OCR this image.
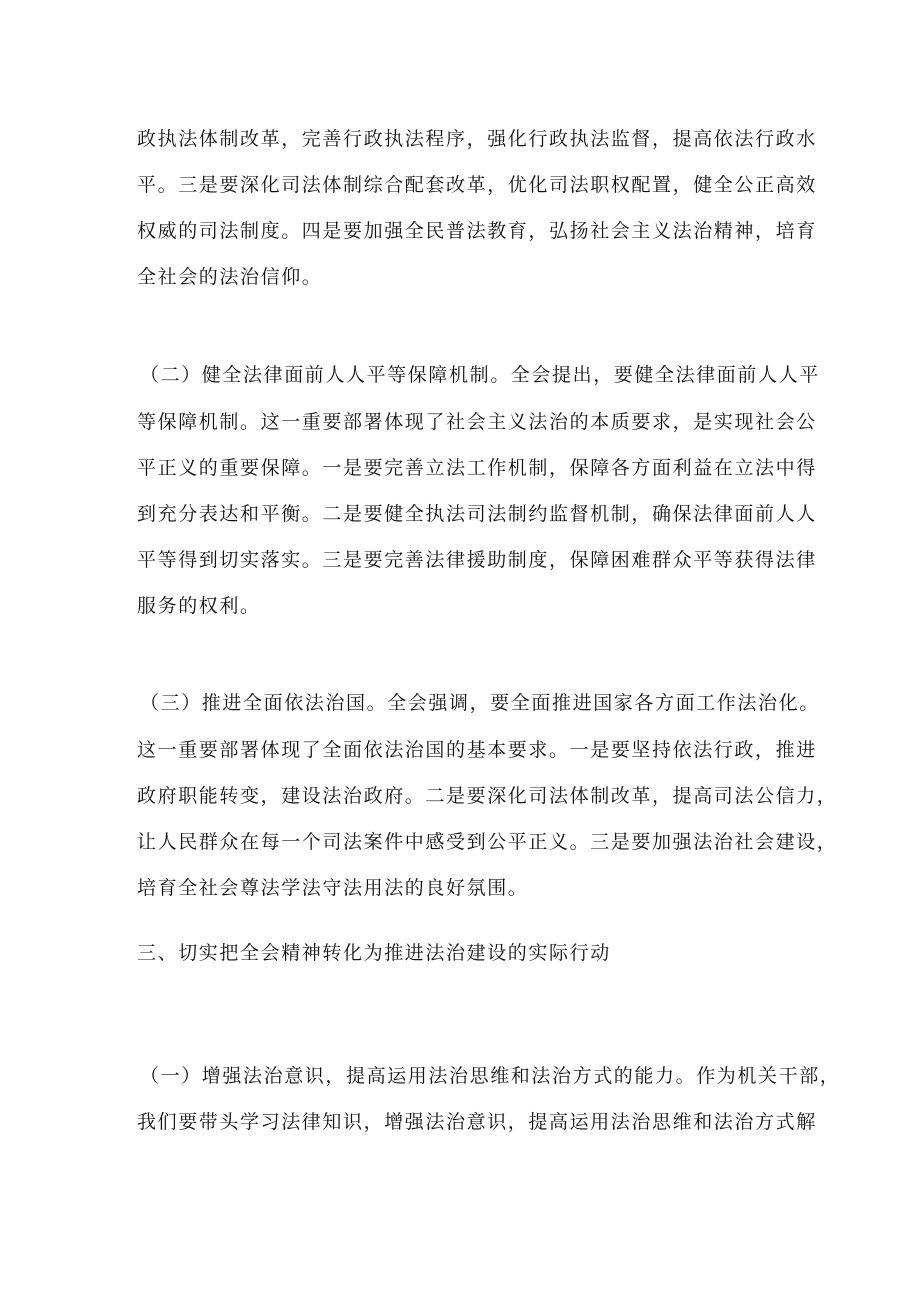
政执法体制改革，完善行政执法程序，强化行政执法监督，提高依法行政水
平。三是要深化司法体制综合配套改革，优化司法职权配置，健全公正高效
权威的司法制度。四是要加强全民普法教育，弘扬社会主义法治精神，培育
全社会的法治信仰。
（二）健全法律面前人人平等保障机制。全会提出，要健全法律面前人人平
等保障机制。这一重要部署体现了社会主义法治的本质要求，是实现社会公
平正义的重要保障。一是要完善立法工作机制，保障各方面利益在立法中得
到充分表达和平衡。二是要健全执法司法制约监督机制，确保法律面前人人
平等得到切实落实。三是要完善法律援助制度，保障困难群众平等获得法律
服务的权利。
（三）推进全面依法治国。全会强调，要全面推进国家各方面工作法治化。
这一重要部署体现了全面依法治国的基本要求。一是要坚持依法行政，推进
政府职能转变，建设法治政府。二是要深化司法体制改革，提高司法公信力，
让人民群众在每一个司法案件中感受到公平正义。三是要加强法治社会建设，
培育全社会尊法学法守法用法的良好氛围。
三、切实把全会精神转化为推进法治建设的实际行动
（一）增强法治意识，提高运用法治思维和法治方式的能力。作为机关干部，
我们要带头学习法律知识，增强法治意识，提高运用法治思维和法治方式解
